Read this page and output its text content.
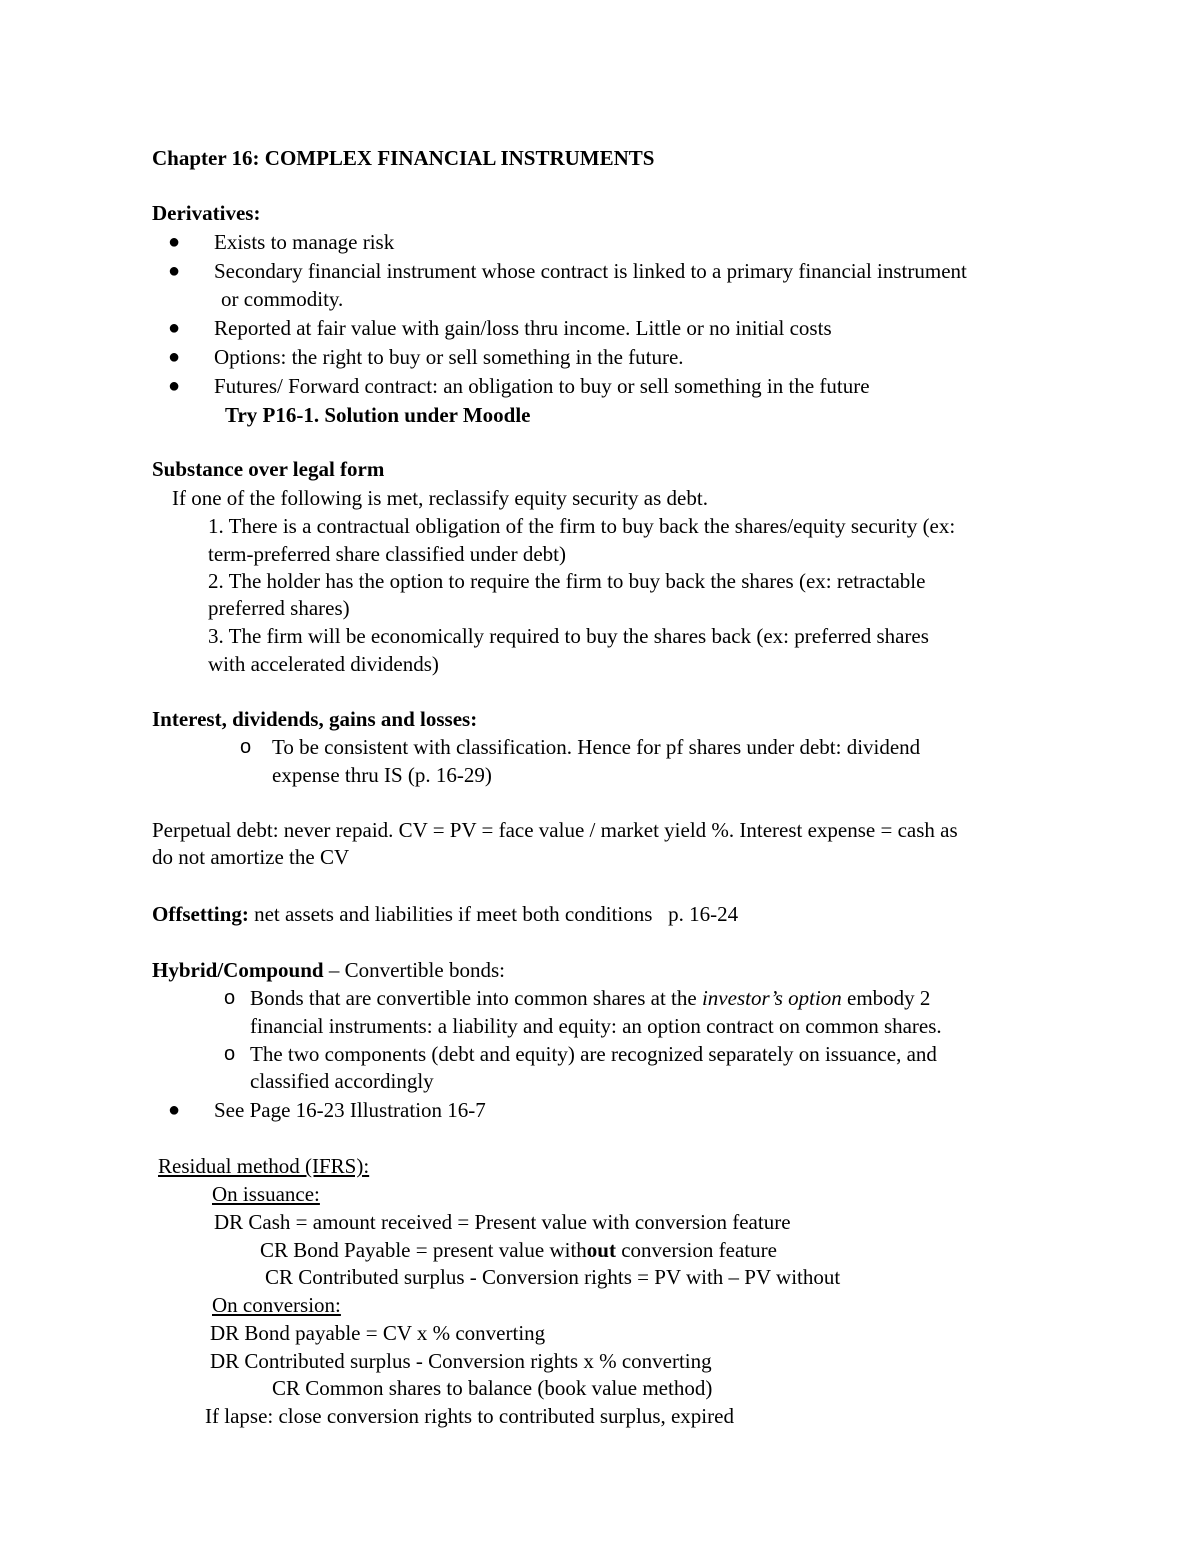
Chapter 16: COMPLEX FINANCIAL INSTRUMENTS
Derivatives:
● Exists to manage risk
● Secondary financial instrument whose contract is linked to a primary financial instrument
or commodity.
● Reported at fair value with gain/loss thru income. Little or no initial costs
● Options: the right to buy or sell something in the future.
● Futures/ Forward contract: an obligation to buy or sell something in the future
Try P16-1. Solution under Moodle
Substance over legal form
If one of the following is met, reclassify equity security as debt.
1. There is a contractual obligation of the firm to buy back the shares/equity security (ex:
term-preferred share classified under debt)
2. The holder has the option to require the firm to buy back the shares (ex: retractable
preferred shares)
3. The firm will be economically required to buy the shares back (ex: preferred shares
with accelerated dividends)
Interest, dividends, gains and losses:
o To be consistent with classification. Hence for pf shares under debt: dividend
expense thru IS (p. 16-29)
Perpetual debt: never repaid. CV = PV = face value / market yield %. Interest expense = cash as
do not amortize the CV
Offsetting: net assets and liabilities if meet both conditions   p. 16-24
Hybrid/Compound – Convertible bonds:
o Bonds that are convertible into common shares at the investor’s option embody 2
financial instruments: a liability and equity: an option contract on common shares.
o The two components (debt and equity) are recognized separately on issuance, and
classified accordingly
● See Page 16-23 Illustration 16-7
Residual method (IFRS):
On issuance:
DR Cash = amount received = Present value with conversion feature
CR Bond Payable = present value without conversion feature
CR Contributed surplus - Conversion rights = PV with – PV without
On conversion:
DR Bond payable = CV x % converting
DR Contributed surplus - Conversion rights x % converting
CR Common shares to balance (book value method)
If lapse: close conversion rights to contributed surplus, expired
